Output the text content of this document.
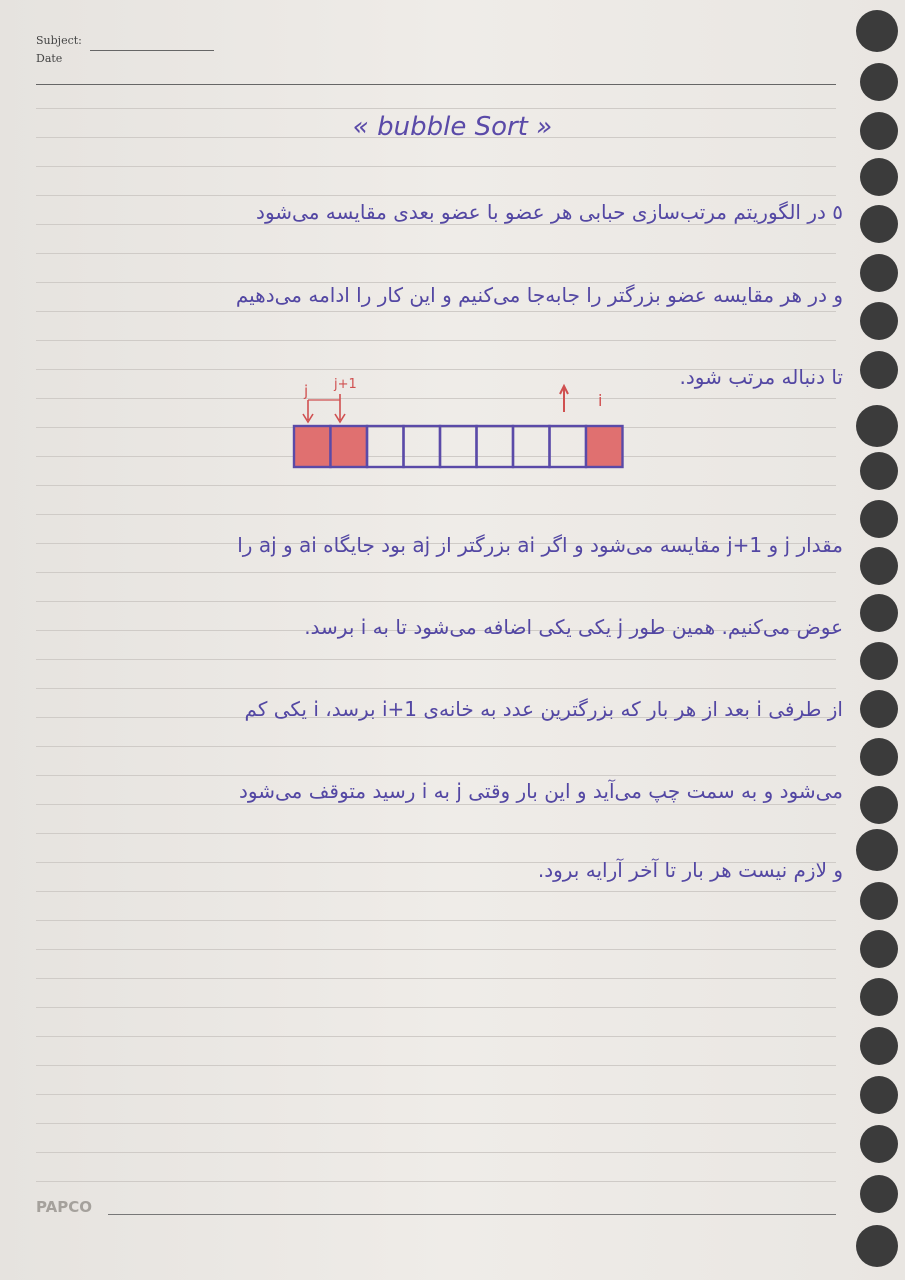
Subject:
Date
« bubble Sort »
٥ در الگوریتم مرتب‌سازی حبابی هر عضو با عضو بعدی مقایسه می‌شود
و در هر مقایسه عضو بزرگتر را جابه‌جا می‌کنیم و این کار را ادامه می‌دهیم
تا دنباله مرتب شود.
j j+1
i
مقدار j و j+1 مقایسه می‌شود و اگر ai بزرگتر از aj بود جایگاه ai و aj را
عوض می‌کنیم. همین طور j یکی یکی اضافه می‌شود تا به i برسد.
از طرفی i بعد از هر بار که بزرگترین عدد به خانه‌ی i+1 برسد، i یکی کم
می‌شود و به سمت چپ می‌آید و این بار وقتی j به i رسید متوقف می‌شود
و لازم نیست هر بار تا آخر آرایه برود.
PAPCO
